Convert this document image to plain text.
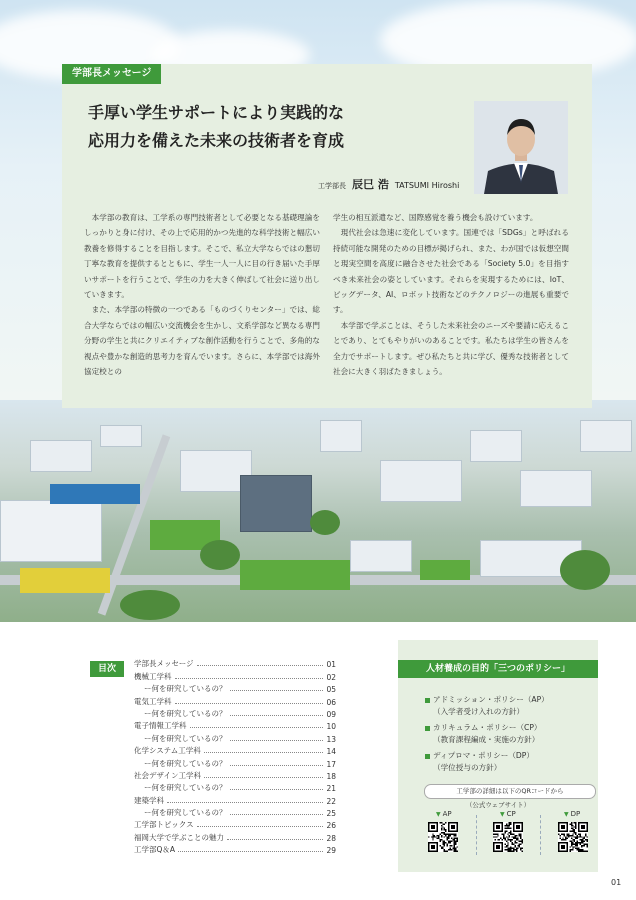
学部長メッセージ
手厚い学生サポートにより実践的な
応用力を備えた未来の技術者を育成
工学部長 辰巳 浩 TATSUMI Hiroshi

本学部の教育は、工学系の専門技術者として必要となる基礎理論をしっかりと身に付け、その上で応用的かつ先進的な科学技術と幅広い教養を修得することを目指します。そこで、私立大学ならではの懇切丁寧な教育を提供するとともに、学生一人一人に目の行き届いた手厚いサポートを行うことで、学生の力を大きく伸ばして社会に送り出していきます。

また、本学部の特徴の一つである「ものづくりセンター」では、総合大学ならではの幅広い交流機会を生かし、文系学部など異なる専門分野の学生と共にクリエイティブな創作活動を行うことで、多角的な視点や豊かな創造的思考力を育んでいます。さらに、本学部では海外協定校との

学生の相互派遣など、国際感覚を養う機会も設けています。

現代社会は急速に変化しています。国連では「SDGs」と呼ばれる持続可能な開発のための目標が掲げられ、また、わが国では仮想空間と現実空間を高度に融合させた社会である「Society 5.0」を目指すべき未来社会の姿としています。それらを実現するためには、IoT、ビッグデータ、AI、ロボット技術などのテクノロジーの進展も重要です。

本学部で学ぶことは、そうした未来社会のニーズや要請に応えることであり、とてもやりがいのあることです。私たちは学生の皆さんを全力でサポートします。ぜひ私たちと共に学び、優秀な技術者として社会に大きく羽ばたきましょう。

目次
学部長メッセージ	01
機械工学科	02
ー何を研究しているの？	05
電気工学科	06
ー何を研究しているの？	09
電子情報工学科	10
ー何を研究しているの？	13
化学システム工学科	14
ー何を研究しているの？	17
社会デザイン工学科	18
ー何を研究しているの？	21
建築学科	22
ー何を研究しているの？	25
工学部トピックス	26
福岡大学で学ぶことの魅力	28
工学部Q＆A	29
人材養成の目的「三つのポリシー」
アドミッション・ポリシー（AP）
（入学者受け入れの方針）
カリキュラム・ポリシー（CP）
（教育課程編成・実施の方針）
ディプロマ・ポリシー（DP）
（学位授与の方針）
工学部の詳細は以下のQRコードから
（公式ウェブサイト）
▼ AP	▼ CP	▼ DP
01
